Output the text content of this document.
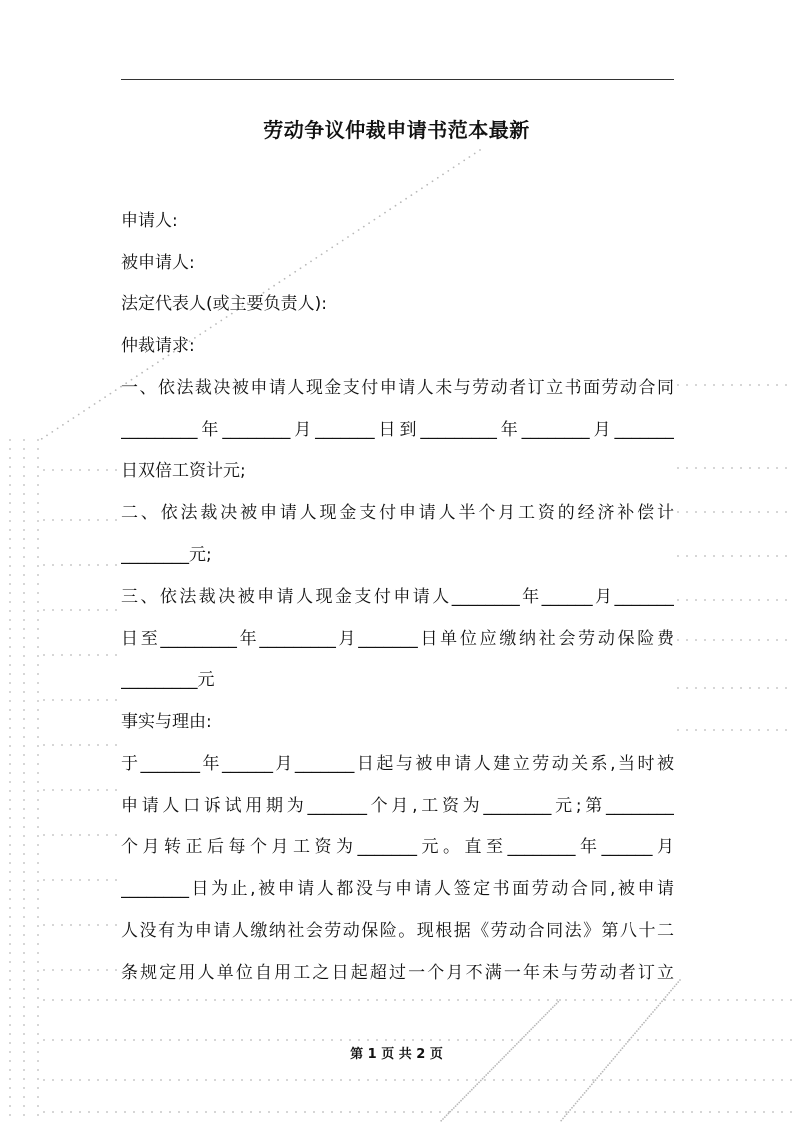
劳动争议仲裁申请书范本最新
申请人:
被申请人:
法定代表人(或主要负责人):
仲裁请求:
一、依法裁决被申请人现金支付申请人未与劳动者订立书面劳动合同
_________年________月_______日到_________年________月_______
日双倍工资计元;
二、依法裁决被申请人现金支付申请人半个月工资的经济补偿计
________元;
三、依法裁决被申请人现金支付申请人________年______月_______
日至_________年_________月_______日单位应缴纳社会劳动保险费
_________元
事实与理由:
于_______年______月_______日起与被申请人建立劳动关系,当时被
申请人口诉试用期为_______个月,工资为________元;第________
个月转正后每个月工资为_______元。直至________年______月
________日为止,被申请人都没与申请人签定书面劳动合同,被申请
人没有为申请人缴纳社会劳动保险。现根据《劳动合同法》第八十二
条规定用人单位自用工之日起超过一个月不满一年未与劳动者订立
第 1 页 共 2 页
